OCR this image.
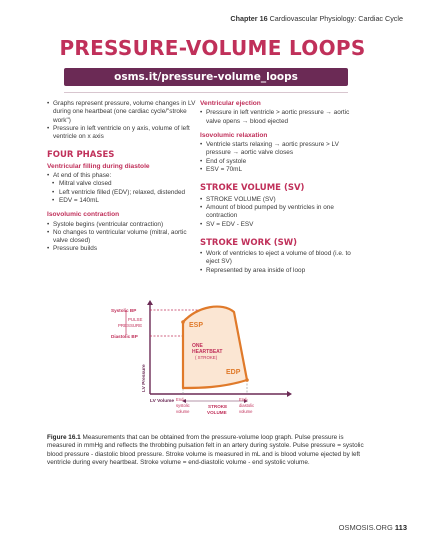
Chapter 16 Cardiovascular Physiology: Cardiac Cycle
PRESSURE-VOLUME LOOPS
osms.it/pressure-volume_loops
• Graphs represent pressure, volume changes in LV during one heartbeat (one cardiac cycle/"stroke work")
• Pressure in left ventricle on y axis, volume of left ventricle on x axis
FOUR PHASES
Ventricular filling during diastole
• At end of this phase:
• Mitral valve closed
• Left ventricle filled (EDV); relaxed, distended
• EDV = 140mL
Isovolumic contraction
• Systole begins (ventricular contraction)
• No changes to ventricular volume (mitral, aortic valve closed)
• Pressure builds
Ventricular ejection
• Pressure in left ventricle > aortic pressure → aortic valve opens → blood ejected
Isovolumic relaxation
• Ventricle starts relaxing → aortic pressure > LV pressure → aortic valve closes
• End of systole
• ESV = 70mL
STROKE VOLUME (SV)
• STROKE VOLUME (SV)
• Amount of blood pumped by ventricles in one contraction
• SV = EDV - ESV
STROKE WORK (SW)
• Work of ventricles to eject a volume of blood (i.e. to eject SV)
• Represented by area inside of loop
Systolic BP
PULSE
PRESSURE
Diastolic BP
ESP
ONE
HEARTBEAT
( STROKE)
EDP
LV Pressure
LV Volume End-
systolic
volume
STROKE
VOLUME
End-
diastolic
volume
Figure 16.1 Measurements that can be obtained from the pressure-volume loop graph. Pulse pressure is measured in mmHg and reflects the throbbing pulsation felt in an artery during systole. Pulse pressure = systolic blood pressure - diastolic blood pressure. Stroke volume is measured in mL and is blood volume ejected by left ventricle during every heartbeat. Stroke volume = end-diastolic volume - end systolic volume.
OSMOSIS.ORG 113
